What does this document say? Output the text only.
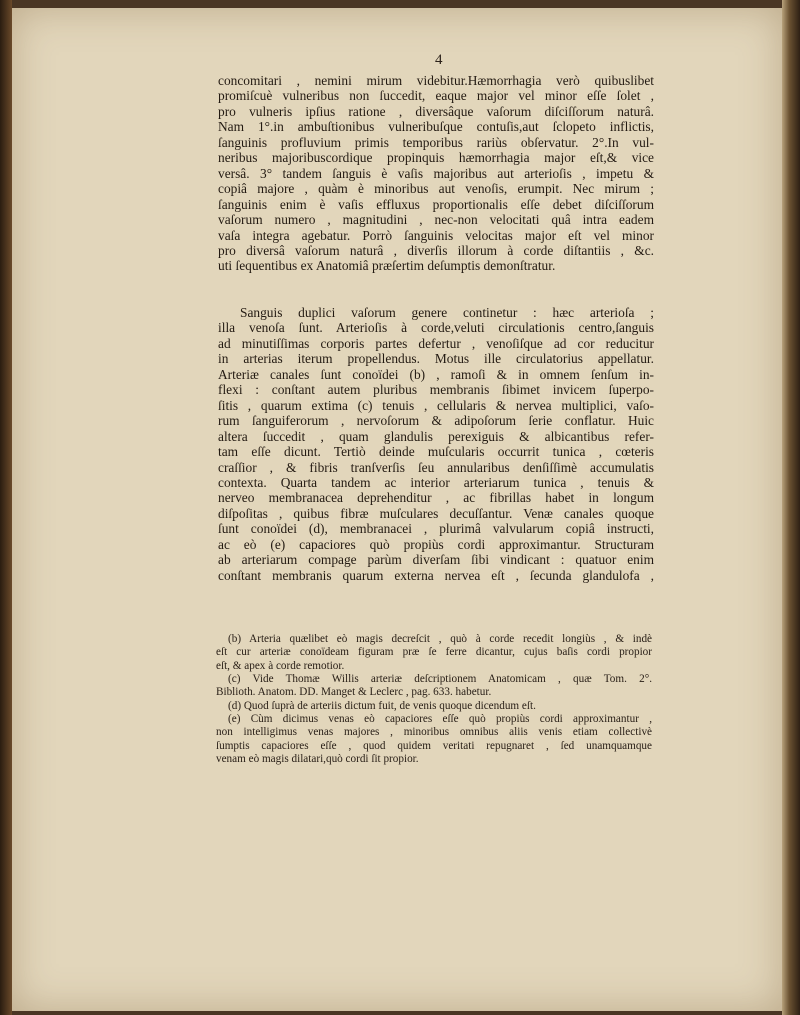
4
concomitari , nemini mirum videbitur.Hæmorrhagia verò quibuslibet
promiſcuè vulneribus non ſuccedit, eaque major vel minor eſſe ſolet ,
pro vulneris ipſius ratione , diversâque vaſorum diſciſſorum naturâ.
Nam 1°.in ambuſtionibus vulneribuſque contuſis,aut ſclopeto inflictis,
ſanguinis profluvium primis temporibus rariùs obſervatur. 2°.In vul-
neribus majoribuscordique propinquis hæmorrhagia major eſt,& vice
versâ. 3° tandem ſanguis è vaſis majoribus aut arterioſis , impetu &
copiâ majore , quàm è minoribus aut venoſis, erumpit. Nec mirum ;
ſanguinis enim è vaſis effluxus proportionalis eſſe debet diſciſſorum
vaſorum numero , magnitudini , nec-non velocitati quâ intra eadem
vaſa integra agebatur. Porrò ſanguinis velocitas major eſt vel minor
pro diversâ vaſorum naturâ , diverſis illorum à corde diſtantiis , &c.
uti ſequentibus ex Anatomiâ præſertim deſumptis demonſtratur.
Sanguis duplici vaſorum genere continetur : hæc arterioſa ;
illa venoſa ſunt. Arterioſis à corde,veluti circulationis centro,ſanguis
ad minutiſſimas corporis partes defertur , venoſiſque ad cor reducitur
in arterias iterum propellendus. Motus ille circulatorius appellatur.
Arteriæ canales ſunt conoïdei (b) , ramoſi & in omnem ſenſum in-
flexi : conſtant autem pluribus membranis ſibimet invicem ſuperpo-
ſitis , quarum extima (c) tenuis , cellularis & nervea multiplici, vaſo-
rum ſanguiferorum , nervoſorum & adipoſorum ſerie conflatur. Huic
altera ſuccedit , quam glandulis perexiguis & albicantibus refer-
tam eſſe dicunt. Tertiò deinde muſcularis occurrit tunica , cœteris
craſſior , & fibris tranſverſis ſeu annularibus denſiſſimè accumulatis
contexta. Quarta tandem ac interior arteriarum tunica , tenuis &
nerveo membranacea deprehenditur , ac fibrillas habet in longum
diſpoſitas , quibus fibræ muſculares decuſſantur. Venæ canales quoque
ſunt conoïdei (d), membranacei , plurimâ valvularum copiâ instructi,
ac eò (e) capaciores quò propiùs cordi approximantur. Structuram
ab arteriarum compage parùm diverſam ſibi vindicant : quatuor enim
conſtant membranis quarum externa nervea eſt , ſecunda glandulofa ,
(b) Arteria quælibet eò magis decreſcit , quò à corde recedit longiùs , & indè
eſt cur arteriæ conoïdeam figuram præ ſe ferre dicantur, cujus baſis cordi propior
eſt, & apex à corde remotior.
(c) Vide Thomæ Willis arteriæ deſcriptionem Anatomicam , quæ Tom. 2°.
Biblioth. Anatom. DD. Manget & Leclerc , pag. 633. habetur.
(d) Quod ſuprà de arteriis dictum fuit, de venis quoque dicendum eſt.
(e) Cùm dicimus venas eò capaciores eſſe quò propiùs cordi approximantur ,
non intelligimus venas majores , minoribus omnibus aliis venis etiam collectivè
ſumptis capaciores eſſe , quod quidem veritati repugnaret , ſed unamquamque
venam eò magis dilatari,quò cordi ſit propior.
